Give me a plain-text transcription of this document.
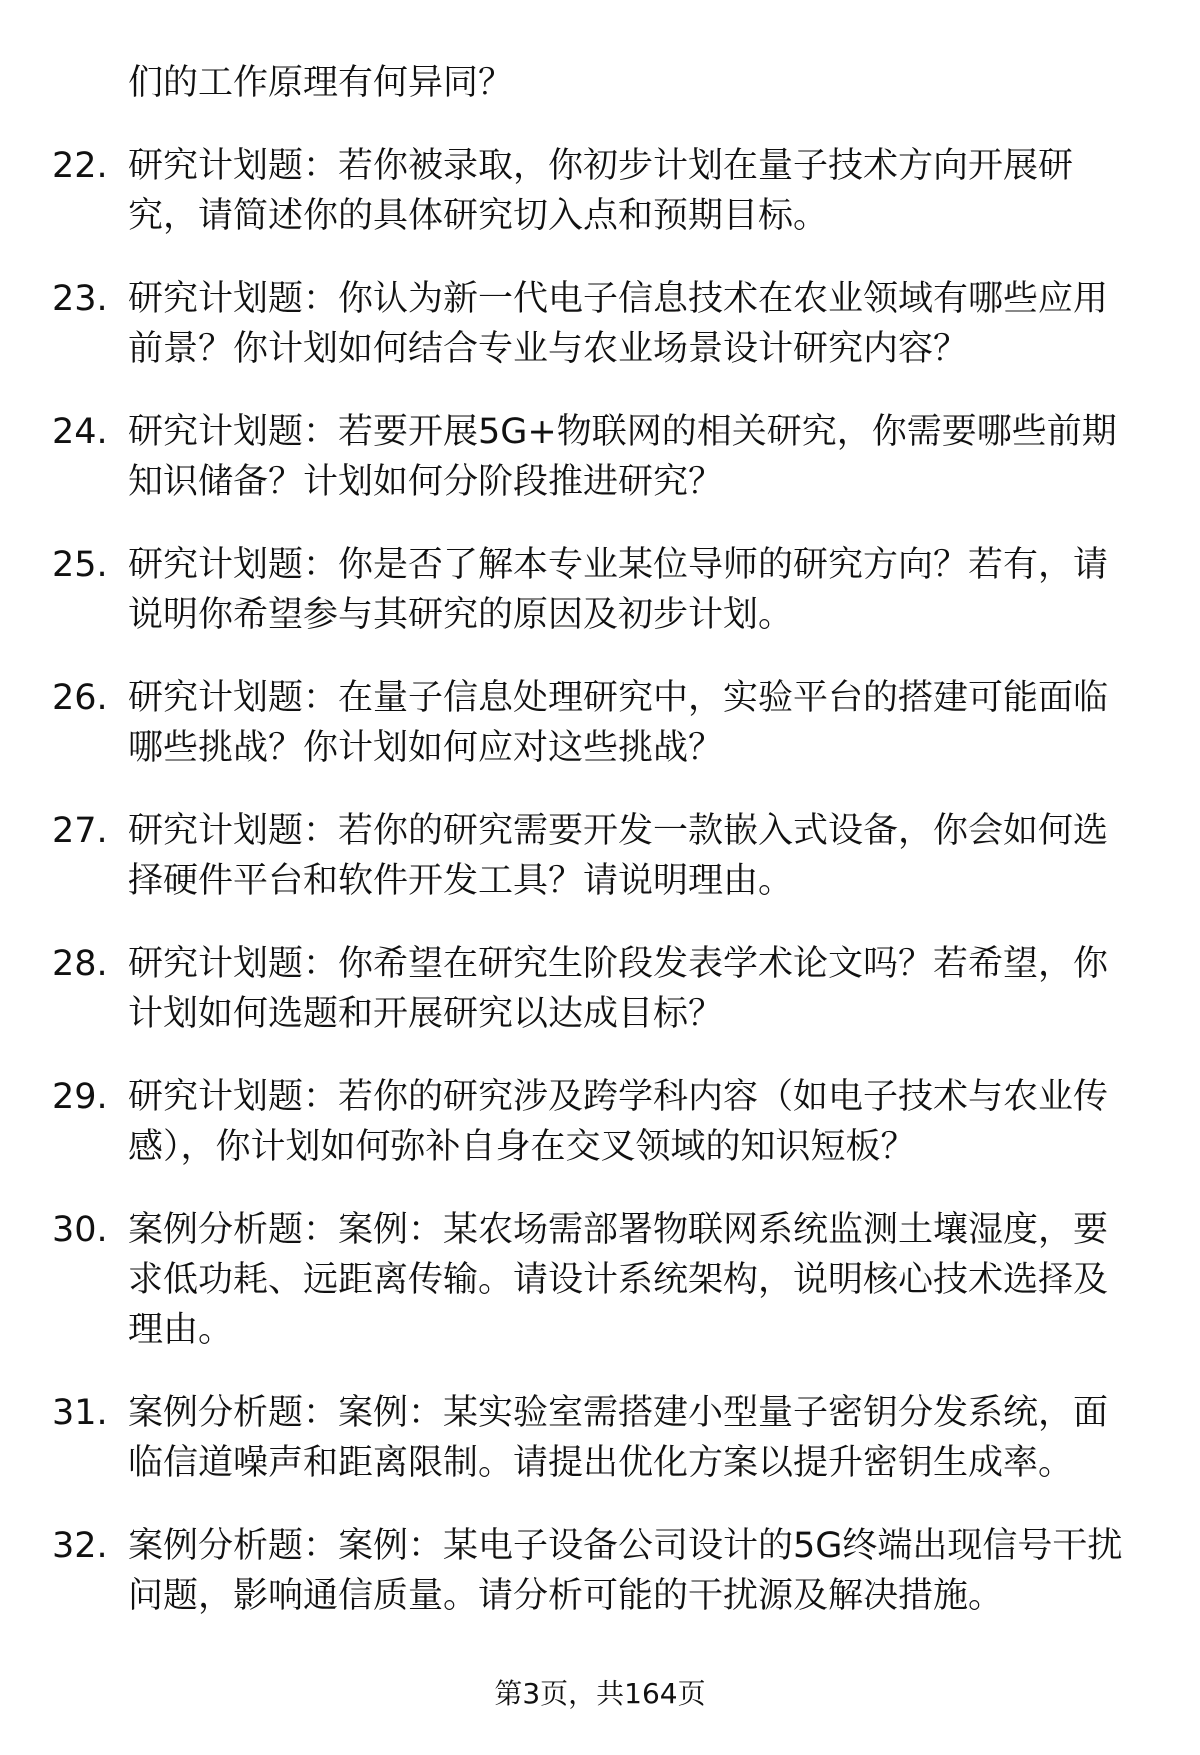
们的工作原理有何异同？
22. 研究计划题：若你被录取，你初步计划在量子技术方向开展研
究，请简述你的具体研究切入点和预期目标。
23. 研究计划题：你认为新一代电子信息技术在农业领域有哪些应用
前景？你计划如何结合专业与农业场景设计研究内容？
24. 研究计划题：若要开展5G+物联网的相关研究，你需要哪些前期
知识储备？计划如何分阶段推进研究？
25. 研究计划题：你是否了解本专业某位导师的研究方向？若有，请
说明你希望参与其研究的原因及初步计划。
26. 研究计划题：在量子信息处理研究中，实验平台的搭建可能面临
哪些挑战？你计划如何应对这些挑战？
27. 研究计划题：若你的研究需要开发一款嵌入式设备，你会如何选
择硬件平台和软件开发工具？请说明理由。
28. 研究计划题：你希望在研究生阶段发表学术论文吗？若希望，你
计划如何选题和开展研究以达成目标？
29. 研究计划题：若你的研究涉及跨学科内容（如电子技术与农业传
感），你计划如何弥补自身在交叉领域的知识短板？
30. 案例分析题：案例：某农场需部署物联网系统监测土壤湿度，要
求低功耗、远距离传输。请设计系统架构，说明核心技术选择及
理由。
31. 案例分析题：案例：某实验室需搭建小型量子密钥分发系统，面
临信道噪声和距离限制。请提出优化方案以提升密钥生成率。
32. 案例分析题：案例：某电子设备公司设计的5G终端出现信号干扰
问题，影响通信质量。请分析可能的干扰源及解决措施。
第3页，共164页
